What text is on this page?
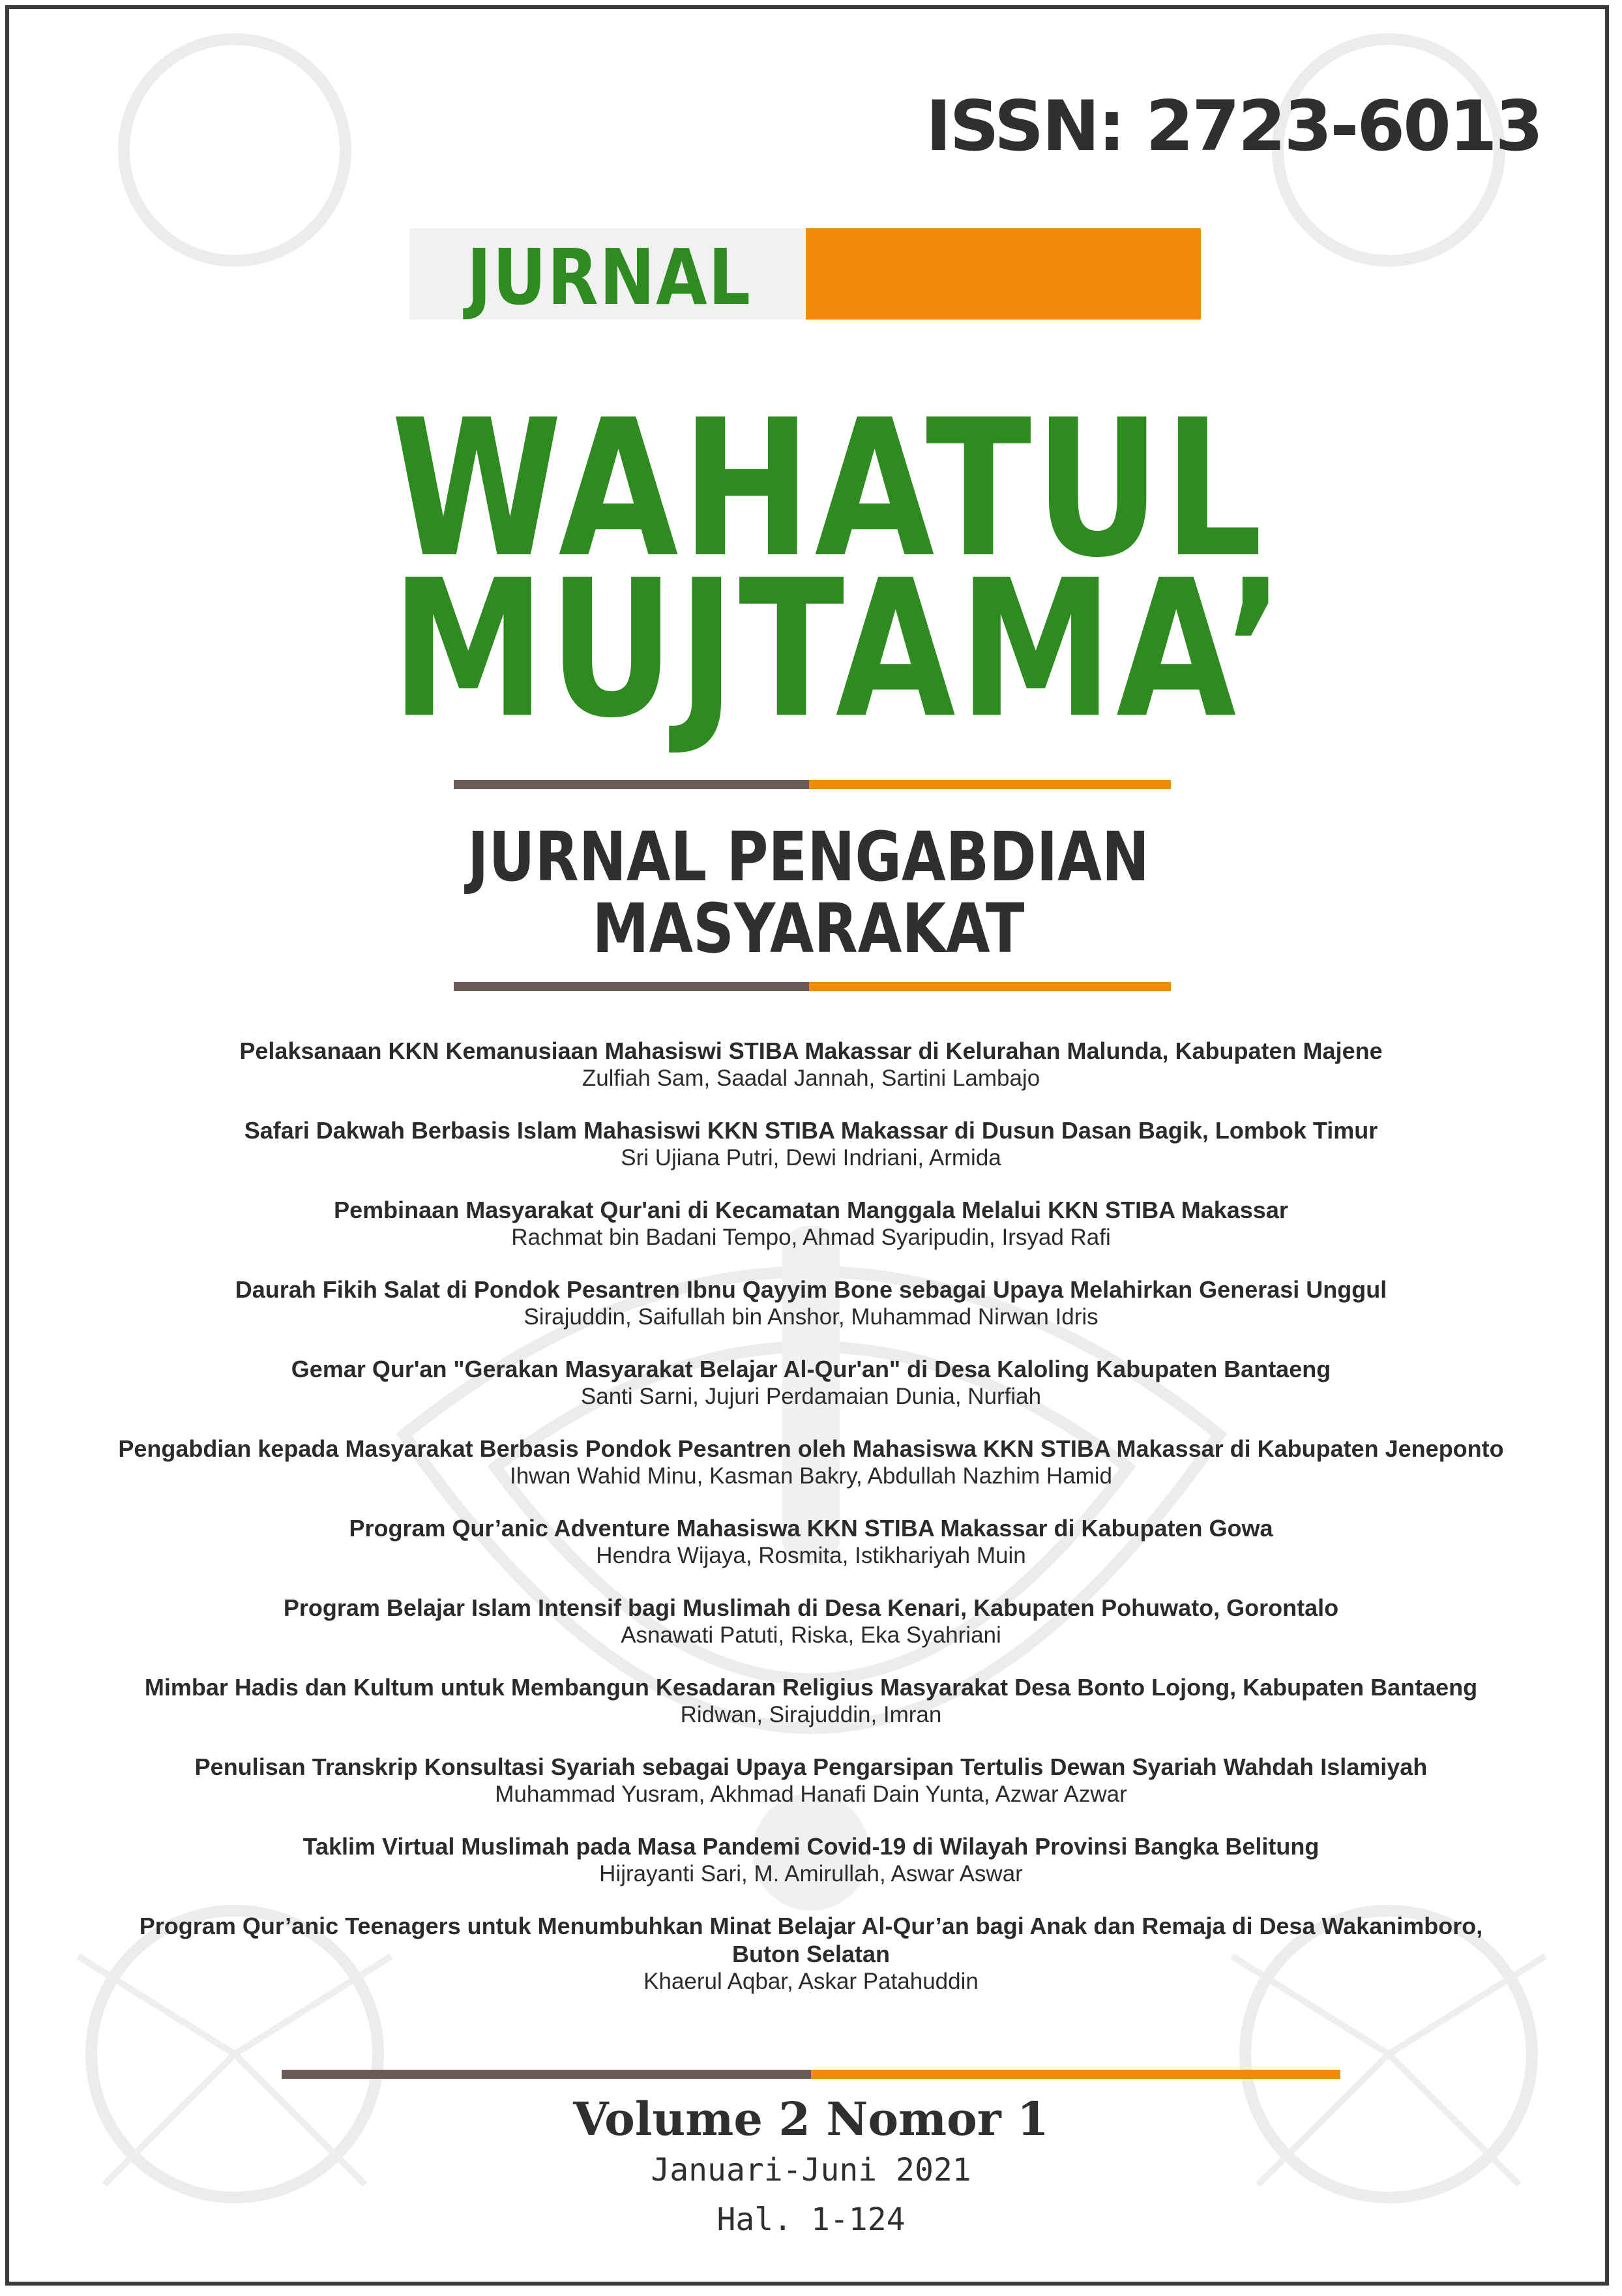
ISSN: 2723-6013
JURNAL
WAHATUL
MUJTAMA’
JURNAL PENGABDIAN
MASYARAKAT
Pelaksanaan KKN Kemanusiaan Mahasiswi STIBA Makassar di Kelurahan Malunda, Kabupaten Majene
Zulfiah Sam, Saadal Jannah, Sartini Lambajo
Safari Dakwah Berbasis Islam Mahasiswi KKN STIBA Makassar di Dusun Dasan Bagik, Lombok Timur
Sri Ujiana Putri, Dewi Indriani, Armida
Pembinaan Masyarakat Qur'ani di Kecamatan Manggala Melalui KKN STIBA Makassar
Rachmat bin Badani Tempo, Ahmad Syaripudin, Irsyad Rafi
Daurah Fikih Salat di Pondok Pesantren Ibnu Qayyim Bone sebagai Upaya Melahirkan Generasi Unggul
Sirajuddin, Saifullah bin Anshor, Muhammad Nirwan Idris
Gemar Qur'an "Gerakan Masyarakat Belajar Al-Qur'an" di Desa Kaloling Kabupaten Bantaeng
Santi Sarni, Jujuri Perdamaian Dunia, Nurfiah
Pengabdian kepada Masyarakat Berbasis Pondok Pesantren oleh Mahasiswa KKN STIBA Makassar di Kabupaten Jeneponto
Ihwan Wahid Minu, Kasman Bakry, Abdullah Nazhim Hamid
Program Qur’anic Adventure Mahasiswa KKN STIBA Makassar di Kabupaten Gowa
Hendra Wijaya, Rosmita, Istikhariyah Muin
Program Belajar Islam Intensif bagi Muslimah di Desa Kenari, Kabupaten Pohuwato, Gorontalo
Asnawati Patuti, Riska, Eka Syahriani
Mimbar Hadis dan Kultum untuk Membangun Kesadaran Religius Masyarakat Desa Bonto Lojong, Kabupaten Bantaeng
Ridwan, Sirajuddin, Imran
Penulisan Transkrip Konsultasi Syariah sebagai Upaya Pengarsipan Tertulis Dewan Syariah Wahdah Islamiyah
Muhammad Yusram, Akhmad Hanafi Dain Yunta, Azwar Azwar
Taklim Virtual Muslimah pada Masa Pandemi Covid-19 di Wilayah Provinsi Bangka Belitung
Hijrayanti Sari, M. Amirullah, Aswar Aswar
Program Qur’anic Teenagers untuk Menumbuhkan Minat Belajar Al-Qur’an bagi Anak dan Remaja di Desa Wakanimboro, Buton Selatan
Khaerul Aqbar, Askar Patahuddin
Volume 2 Nomor 1
Januari-Juni 2021
Hal. 1-124
